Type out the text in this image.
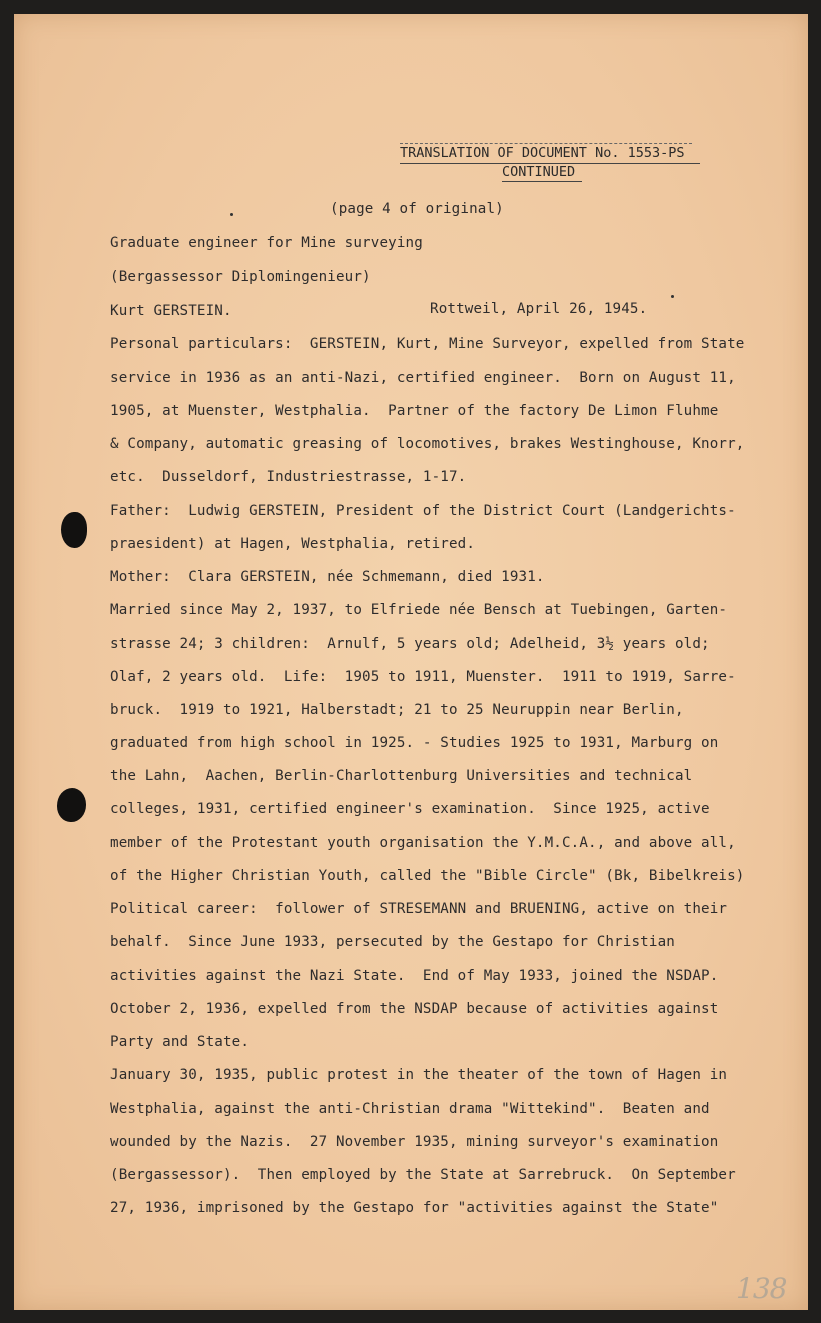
TRANSLATION OF DOCUMENT No. 1553-PS
CONTINUED
(page 4 of original)
Graduate engineer for Mine surveying
(Bergassessor Diplomingenieur)
Kurt GERSTEIN.	Rottweil, April 26, 1945.
Personal particulars:  GERSTEIN, Kurt, Mine Surveyor, expelled from State
service in 1936 as an anti-Nazi, certified engineer.  Born on August 11,
1905, at Muenster, Westphalia.  Partner of the factory De Limon Fluhme
& Company, automatic greasing of locomotives, brakes Westinghouse, Knorr,
etc.  Dusseldorf, Industriestrasse, 1-17.
Father:  Ludwig GERSTEIN, President of the District Court (Landgerichts-
praesident) at Hagen, Westphalia, retired.
Mother:  Clara GERSTEIN, née Schmemann, died 1931.
Married since May 2, 1937, to Elfriede née Bensch at Tuebingen, Garten-
strasse 24; 3 children:  Arnulf, 5 years old; Adelheid, 3½ years old;
Olaf, 2 years old.  Life:  1905 to 1911, Muenster.  1911 to 1919, Sarre-
bruck.  1919 to 1921, Halberstadt; 21 to 25 Neuruppin near Berlin,
graduated from high school in 1925. - Studies 1925 to 1931, Marburg on
the Lahn,  Aachen, Berlin-Charlottenburg Universities and technical
colleges, 1931, certified engineer's examination.  Since 1925, active
member of the Protestant youth organisation the Y.M.C.A., and above all,
of the Higher Christian Youth, called the "Bible Circle" (Bk, Bibelkreis)
Political career:  follower of STRESEMANN and BRUENING, active on their
behalf.  Since June 1933, persecuted by the Gestapo for Christian
activities against the Nazi State.  End of May 1933, joined the NSDAP.
October 2, 1936, expelled from the NSDAP because of activities against
Party and State.
January 30, 1935, public protest in the theater of the town of Hagen in
Westphalia, against the anti-Christian drama "Wittekind".  Beaten and
wounded by the Nazis.  27 November 1935, mining surveyor's examination
(Bergassessor).  Then employed by the State at Sarrebruck.  On September
27, 1936, imprisoned by the Gestapo for "activities against the State"
138
